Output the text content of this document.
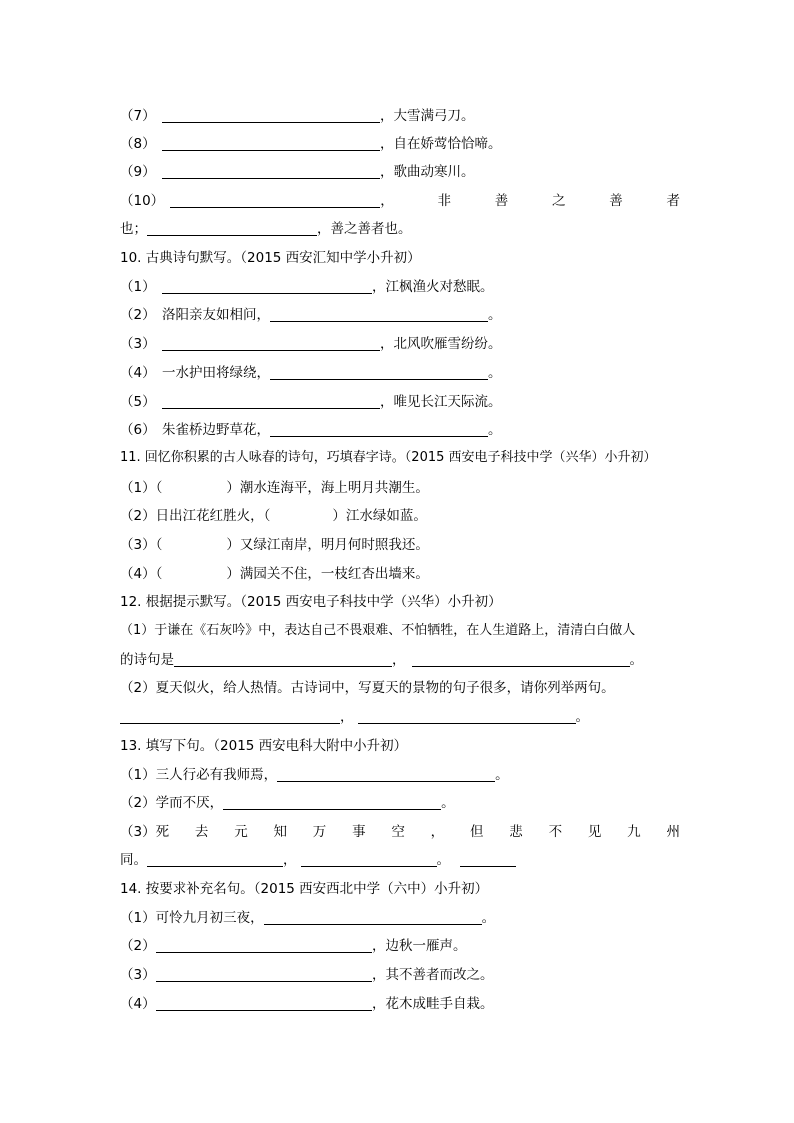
（7）	，大雪满弓刀。
（8）	，自在娇莺恰恰啼。
（9）	，歌曲动寒川。
（10）	，	非	善	之	善	者
也；	，善之善者也。
10. 古典诗句默写。（2015 西安汇知中学小升初）
（1）	，江枫渔火对愁眠。
（2） 洛阳亲友如相问，	。
（3）	，北风吹雁雪纷纷。
（4） 一水护田将绿绕，	。
（5）	，唯见长江天际流。
（6） 朱雀桥边野草花，	。
11. 回忆你积累的古人咏春的诗句，巧填春字诗。（2015 西安电子科技中学（兴华）小升初）
（1）（	）潮水连海平，海上明月共潮生。
（2）日出江花红胜火，（	）江水绿如蓝。
（3）（	）又绿江南岸，明月何时照我还。
（4）（	）满园关不住，一枝红杏出墙来。
12. 根据提示默写。（2015 西安电子科技中学（兴华）小升初）
（1）于谦在《石灰吟》中，表达自己不畏艰难、不怕牺牲，在人生道路上，清清白白做人
的诗句是	，	。
（2）夏天似火，给人热情。古诗词中，写夏天的景物的句子很多，请你列举两句。
，	。
13. 填写下句。（2015 西安电科大附中小升初）
（1）三人行必有我师焉，	。
（2）学而不厌，	。
（3）死 去 元 知 万 事 空 ， 但 悲 不 见 九 州
同。	，	。
14. 按要求补充名句。（2015 西安西北中学（六中）小升初）
（1）可怜九月初三夜，	。
（2）	，边秋一雁声。
（3）	，其不善者而改之。
（4）	，花木成畦手自栽。
